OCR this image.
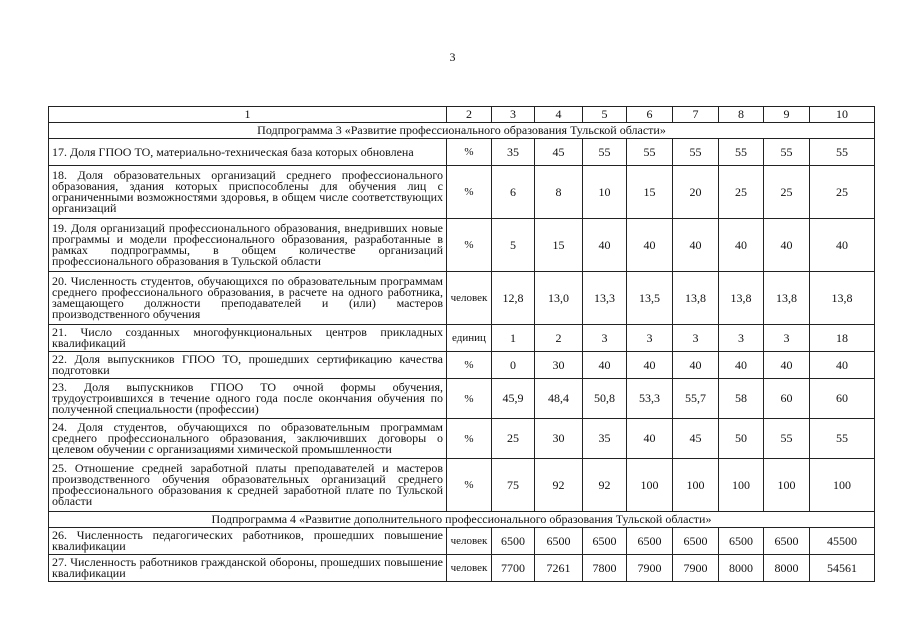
3
1	2	3	4	5	6	7	8	9	10
Подпрограмма 3 «Развитие профессионального образования Тульской области»									
17. Доля ГПОО ТО, материально-техническая база которых обновлена	%	35	45	55	55	55	55	55	55
18. Доля образовательных организаций среднего профессионального образования, здания которых приспособлены для обучения лиц с ограниченными возможностями здоровья, в общем числе соответствующих организаций	%	6	8	10	15	20	25	25	25
19. Доля организаций профессионального образования, внедривших новые программы и модели профессионального образования, разработанные в рамках подпрограммы, в общем количестве организаций профессионального образования в Тульской области	%	5	15	40	40	40	40	40	40
20. Численность студентов, обучающихся по образовательным программам среднего профессионального образования, в расчете на одного работника, замещающего должности преподавателей и (или) мастеров производственного обучения	человек	12,8	13,0	13,3	13,5	13,8	13,8	13,8	13,8
21. Число созданных многофункциональных центров прикладных квалификаций	единиц	1	2	3	3	3	3	3	18
22. Доля выпускников ГПОО ТО, прошедших сертификацию качества подготовки	%	0	30	40	40	40	40	40	40
23. Доля выпускников ГПОО ТО очной формы обучения, трудоустроившихся в течение одного года после окончания обучения по полученной специальности (профессии)	%	45,9	48,4	50,8	53,3	55,7	58	60	60
24. Доля студентов, обучающихся по образовательным программам среднего профессионального образования, заключивших договоры о целевом обучении с организациями химической промышленности	%	25	30	35	40	45	50	55	55
25. Отношение средней заработной платы преподавателей и мастеров производственного обучения образовательных организаций среднего профессионального образования к средней заработной плате по Тульской области	%	75	92	92	100	100	100	100	100
Подпрограмма 4 «Развитие дополнительного профессионального образования Тульской области»									
26. Численность педагогических работников, прошедших повышение квалификации	человек	6500	6500	6500	6500	6500	6500	6500	45500
27. Численность работников гражданской обороны, прошедших повышение квалификации	человек	7700	7261	7800	7900	7900	8000	8000	54561
